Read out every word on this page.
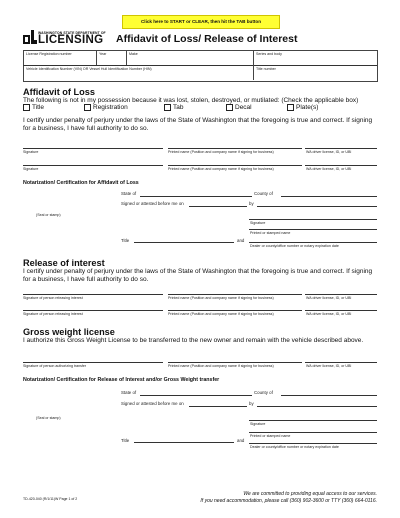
Click here to START or CLEAR, then hit the TAB button
WASHINGTON STATE DEPARTMENT OF
LICENSING Affidavit of Loss/ Release of Interest
License Registration number	Year	Make	Series and body
Vehicle Identification Number (VIN) OR Vessel Hull Identification Number (HIN)	Title number
Affidavit of Loss
The following is not in my possession because it was lost, stolen, destroyed, or mutilated: (Check the applicable box)
Title	Registration	Tab	Decal	Plate(s)
I certify under penalty of perjury under the laws of the State of Washington that the foregoing is true and correct. If signing for a business, I have full authority to do so.
Signature	Printed name (Position and company name if signing for business)	WA driver license, ID, or UBI
Signature	Printed name (Position and company name if signing for business)	WA driver license, ID, or UBI
Notarization/ Certification for Affidavit of Loss
State of	County of
Signed or attested before me on	by
(Seal or stamp)
Signature
Printed or stamped name
Title	and
Dealer or county/office number or notary expiration date
Release of interest
I certify under penalty of perjury under the laws of the State of Washington that the foregoing is true and correct. If signing for a business, I have full authority to do so.
Signature of person releasing interest	Printed name (Position and company name if signing for business)	WA driver license, ID, or UBI
Signature of person releasing interest	Printed name (Position and company name if signing for business)	WA driver license, ID, or UBI
Gross weight license
I authorize this Gross Weight License to be transferred to the new owner and remain with the vehicle described above.
Signature of person authorizing transfer	Printed name (Position and company name if signing for business)	WA driver license, ID, or UBI
Notarization/ Certification for Release of Interest and/or Gross Weight transfer
State of	County of
Signed or attested before me on	by
(Seal or stamp)
Signature
Printed or stamped name
Title	and
Dealer or county/office number or notary expiration date
TD-420-040 (R/1/11)W Page 1 of 2
We are committed to providing equal access to our services.
If you need accommodation, please call (360) 902-3600 or TTY (360) 664-0116.
